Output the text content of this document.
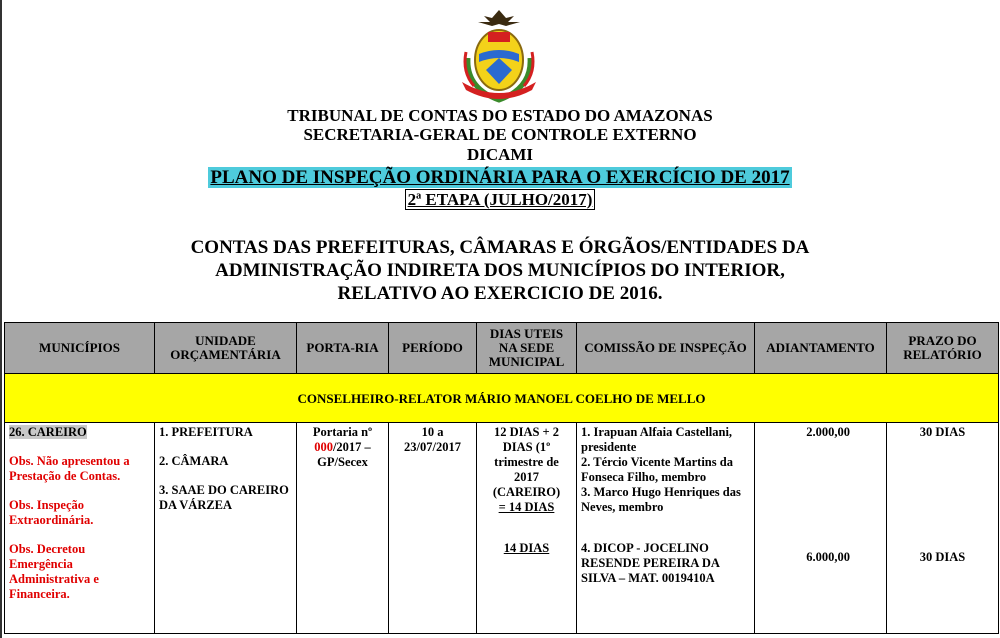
TRIBUNAL DE CONTAS DO ESTADO DO AMAZONAS
SECRETARIA-GERAL DE CONTROLE EXTERNO
DICAMI
PLANO DE INSPEÇÃO ORDINÁRIA PARA O EXERCÍCIO DE 2017
2ª ETAPA (JULHO/2017)
CONTAS DAS PREFEITURAS, CÂMARAS E ÓRGÃOS/ENTIDADES DA
ADMINISTRAÇÃO INDIRETA DOS MUNICÍPIOS DO INTERIOR,
RELATIVO AO EXERCICIO DE 2016.
MUNICÍPIOS	UNIDADE ORÇAMENTÁRIA	PORTA-RIA	PERÍODO	DIAS UTEIS NA SEDE MUNICIPAL	COMISSÃO DE INSPEÇÃO	ADIANTAMENTO	PRAZO DO RELATÓRIO
CONSELHEIRO-RELATOR MÁRIO MANOEL COELHO DE MELLO							
26. CAREIRO
Obs. Não apresentou a Prestação de Contas.
Obs. Inspeção Extraordinária.
Obs. Decretou Emergência Administrativa e Financeira.	1. PREFEITURA
2. CÂMARA
3. SAAE DO CAREIRO DA VÁRZEA	Portaria nº
000/2017 – GP/Secex	10 a 23/07/2017	12 DIAS + 2 DIAS (1º trimestre de 2017 (CAREIRO)
= 14 DIAS
14 DIAS	1. Irapuan Alfaia Castellani, presidente
2. Tércio Vicente Martins da Fonseca Filho, membro
3. Marco Hugo Henriques das Neves, membro
4. DICOP - JOCELINO RESENDE PEREIRA DA SILVA – MAT. 0019410A	2.000,00
6.000,00	30 DIAS
30 DIAS
